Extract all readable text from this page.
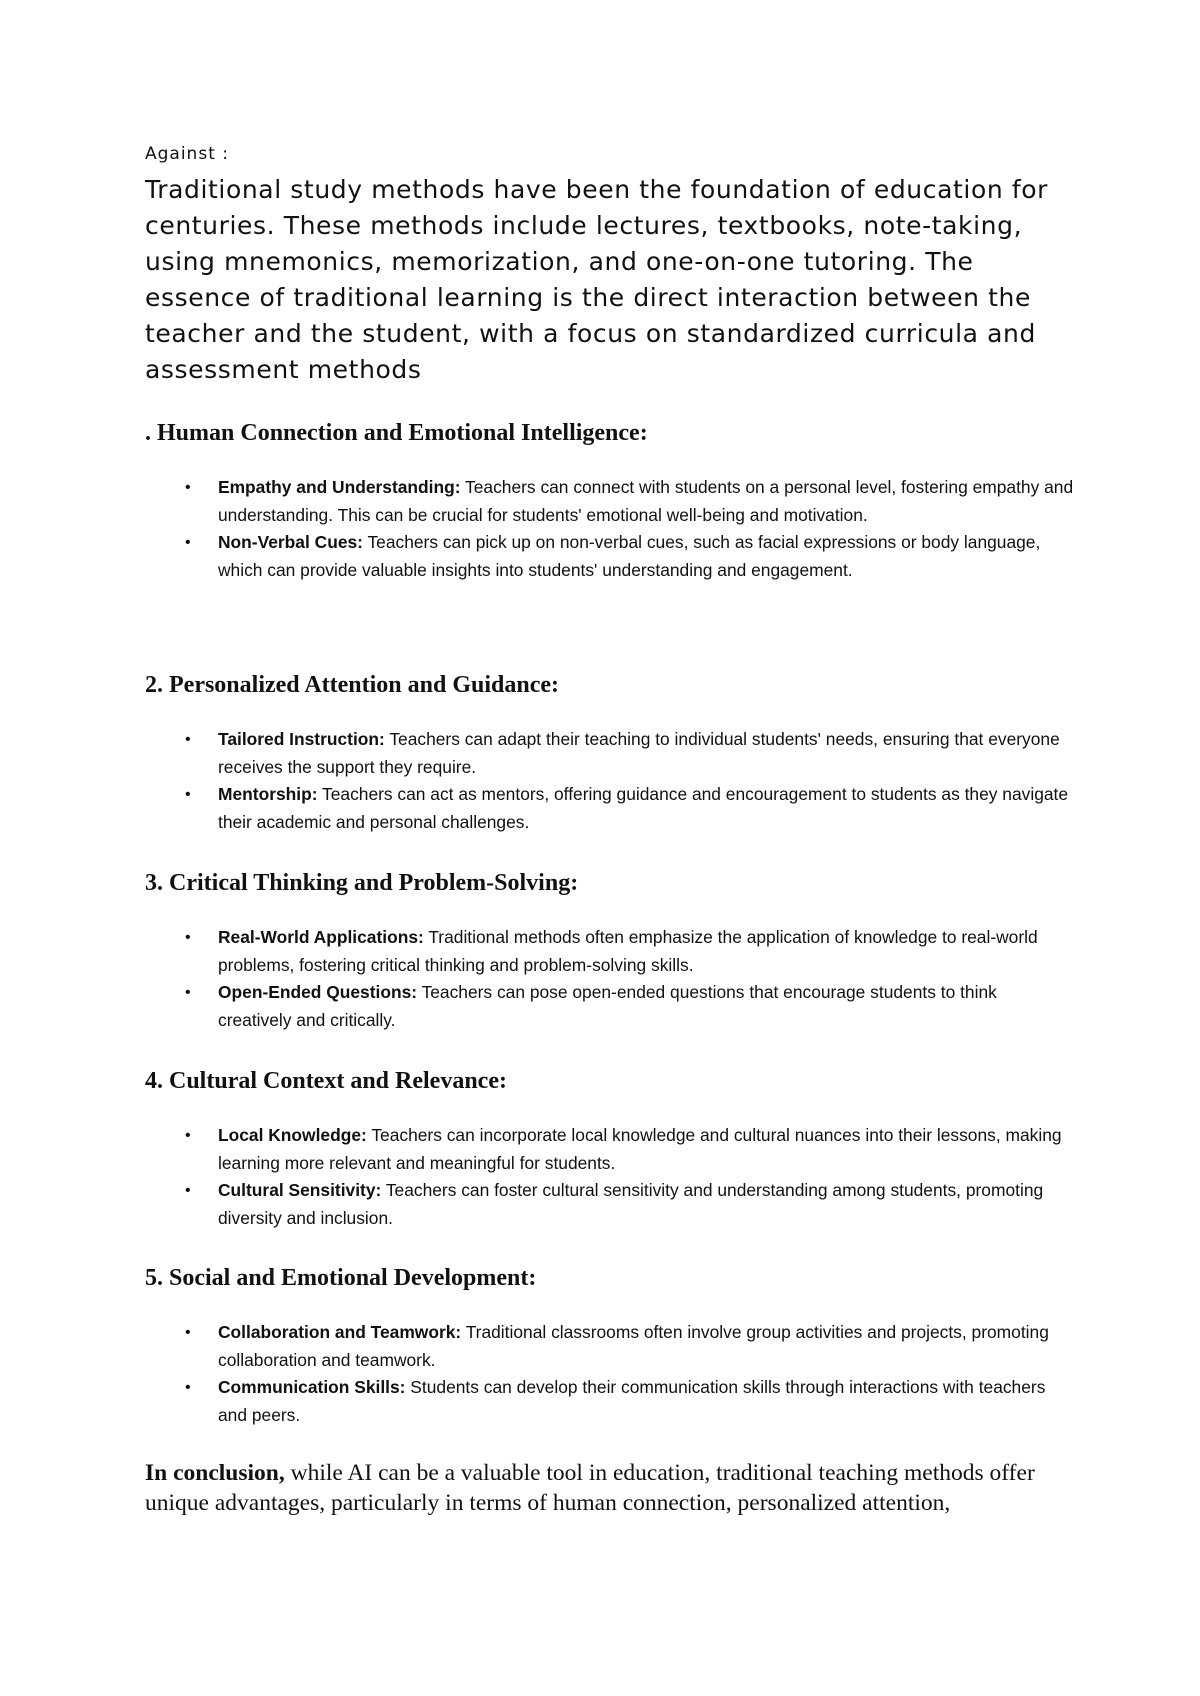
Against :

Traditional study methods have been the foundation of education for centuries. These methods include lectures, textbooks, note-taking, using mnemonics, memorization, and one-on-one tutoring. The essence of traditional learning is the direct interaction between the teacher and the student, with a focus on standardized curricula and assessment methods

. Human Connection and Emotional Intelligence:
• Empathy and Understanding: Teachers can connect with students on a personal level, fostering empathy and understanding. This can be crucial for students' emotional well-being and motivation.
• Non-Verbal Cues: Teachers can pick up on non-verbal cues, such as facial expressions or body language, which can provide valuable insights into students' understanding and engagement.
2. Personalized Attention and Guidance:
• Tailored Instruction: Teachers can adapt their teaching to individual students' needs, ensuring that everyone receives the support they require.
• Mentorship: Teachers can act as mentors, offering guidance and encouragement to students as they navigate their academic and personal challenges.
3. Critical Thinking and Problem-Solving:
• Real-World Applications: Traditional methods often emphasize the application of knowledge to real-world problems, fostering critical thinking and problem-solving skills.
• Open-Ended Questions: Teachers can pose open-ended questions that encourage students to think creatively and critically.
4. Cultural Context and Relevance:
• Local Knowledge: Teachers can incorporate local knowledge and cultural nuances into their lessons, making learning more relevant and meaningful for students.
• Cultural Sensitivity: Teachers can foster cultural sensitivity and understanding among students, promoting diversity and inclusion.
5. Social and Emotional Development:
• Collaboration and Teamwork: Traditional classrooms often involve group activities and projects, promoting collaboration and teamwork.
• Communication Skills: Students can develop their communication skills through interactions with teachers and peers.

In conclusion, while AI can be a valuable tool in education, traditional teaching methods offer unique advantages, particularly in terms of human connection, personalized attention,
